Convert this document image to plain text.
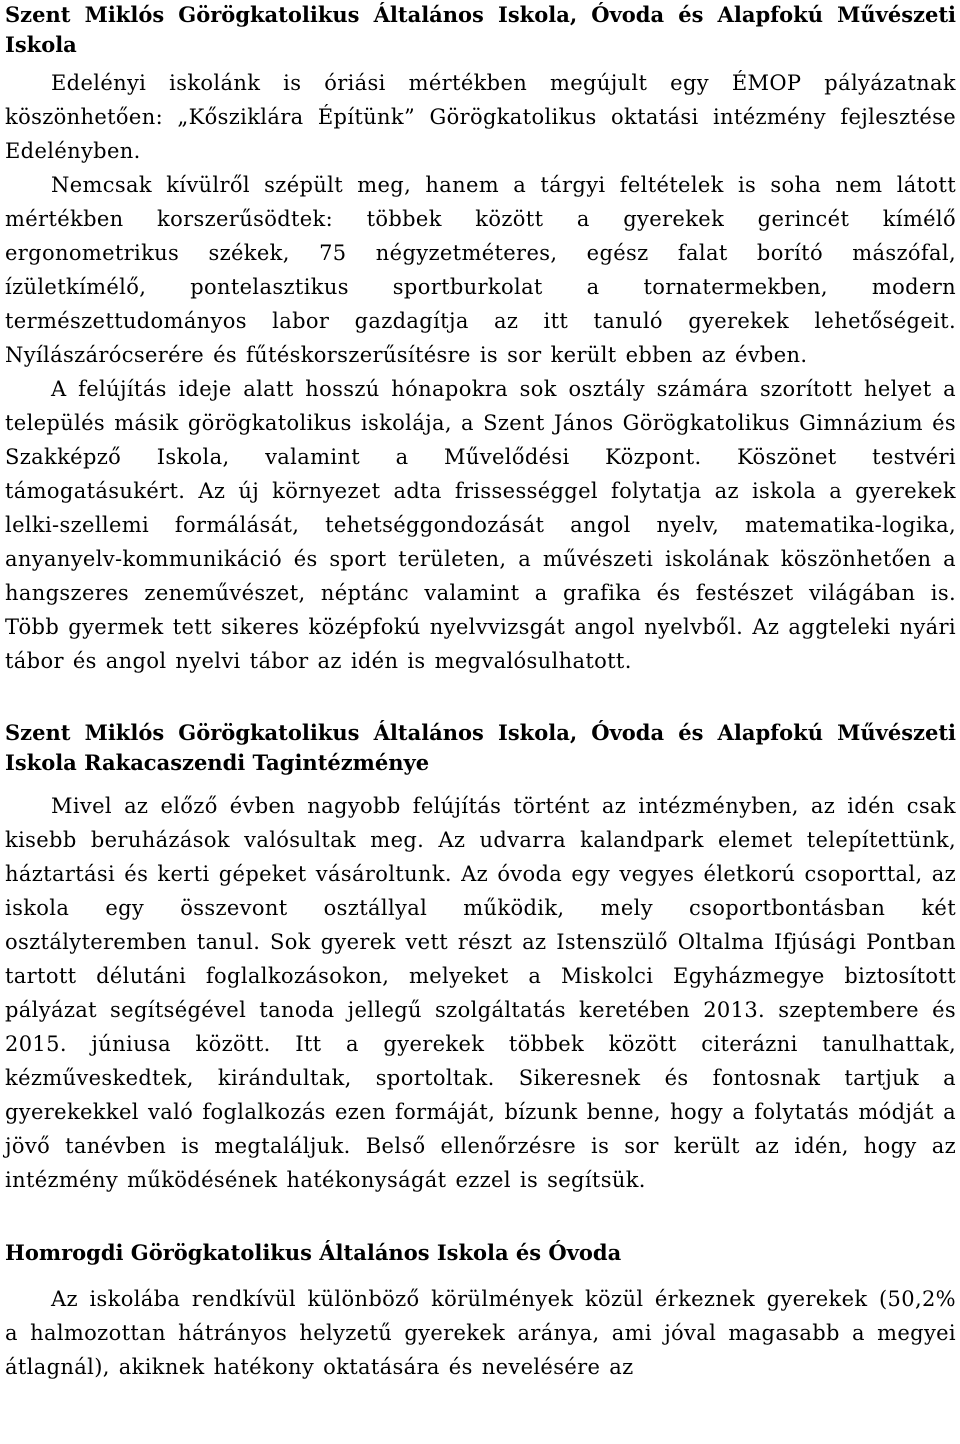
Szent Miklós Görögkatolikus Általános Iskola, Óvoda és Alapfokú Művészeti Iskola

Edelényi iskolánk is óriási mértékben megújult egy ÉMOP pályázatnak köszönhetően: „Kősziklára Építünk” Görögkatolikus oktatási intézmény fejlesztése Edelényben.

Nemcsak kívülről szépült meg, hanem a tárgyi feltételek is soha nem látott mértékben korszerűsödtek: többek között a gyerekek gerincét kímélő ergonometrikus székek, 75 négyzetméteres, egész falat borító mászófal, ízületkímélő, pontelasztikus sportburkolat a tornatermekben, modern természettudományos labor gazdagítja az itt tanuló gyerekek lehetőségeit. Nyílászárócserére és fűtéskorszerűsítésre is sor került ebben az évben.

A felújítás ideje alatt hosszú hónapokra sok osztály számára szorított helyet a település másik görögkatolikus iskolája, a Szent János Görögkatolikus Gimnázium és Szakképző Iskola, valamint a Művelődési Központ. Köszönet testvéri támogatásukért. Az új környezet adta frissességgel folytatja az iskola a gyerekek lelki-szellemi formálását, tehetséggondozását angol nyelv, matematika-logika, anyanyelv-kommunikáció és sport területen, a művészeti iskolának köszönhetően a hangszeres zeneművészet, néptánc valamint a grafika és festészet világában is. Több gyermek tett sikeres középfokú nyelvvizsgát angol nyelvből. Az aggteleki nyári tábor és angol nyelvi tábor az idén is megvalósulhatott.

Szent Miklós Görögkatolikus Általános Iskola, Óvoda és Alapfokú Művészeti Iskola Rakacaszendi Tagintézménye

Mivel az előző évben nagyobb felújítás történt az intézményben, az idén csak kisebb beruházások valósultak meg. Az udvarra kalandpark elemet telepítettünk, háztartási és kerti gépeket vásároltunk. Az óvoda egy vegyes életkorú csoporttal, az iskola egy összevont osztállyal működik, mely csoportbontásban két osztályteremben tanul. Sok gyerek vett részt az Istenszülő Oltalma Ifjúsági Pontban tartott délutáni foglalkozásokon, melyeket a Miskolci Egyházmegye biztosított pályázat segítségével tanoda jellegű szolgáltatás keretében 2013. szeptembere és 2015. júniusa között. Itt a gyerekek többek között citerázni tanulhattak, kézműveskedtek, kirándultak, sportoltak. Sikeresnek és fontosnak tartjuk a gyerekekkel való foglalkozás ezen formáját, bízunk benne, hogy a folytatás módját a jövő tanévben is megtaláljuk. Belső ellenőrzésre is sor került az idén, hogy az intézmény működésének hatékonyságát ezzel is segítsük.

Homrogdi Görögkatolikus Általános Iskola és Óvoda

Az iskolába rendkívül különböző körülmények közül érkeznek gyerekek (50,2% a halmozottan hátrányos helyzetű gyerekek aránya, ami jóval magasabb a megyei átlagnál), akiknek hatékony oktatására és nevelésére az
